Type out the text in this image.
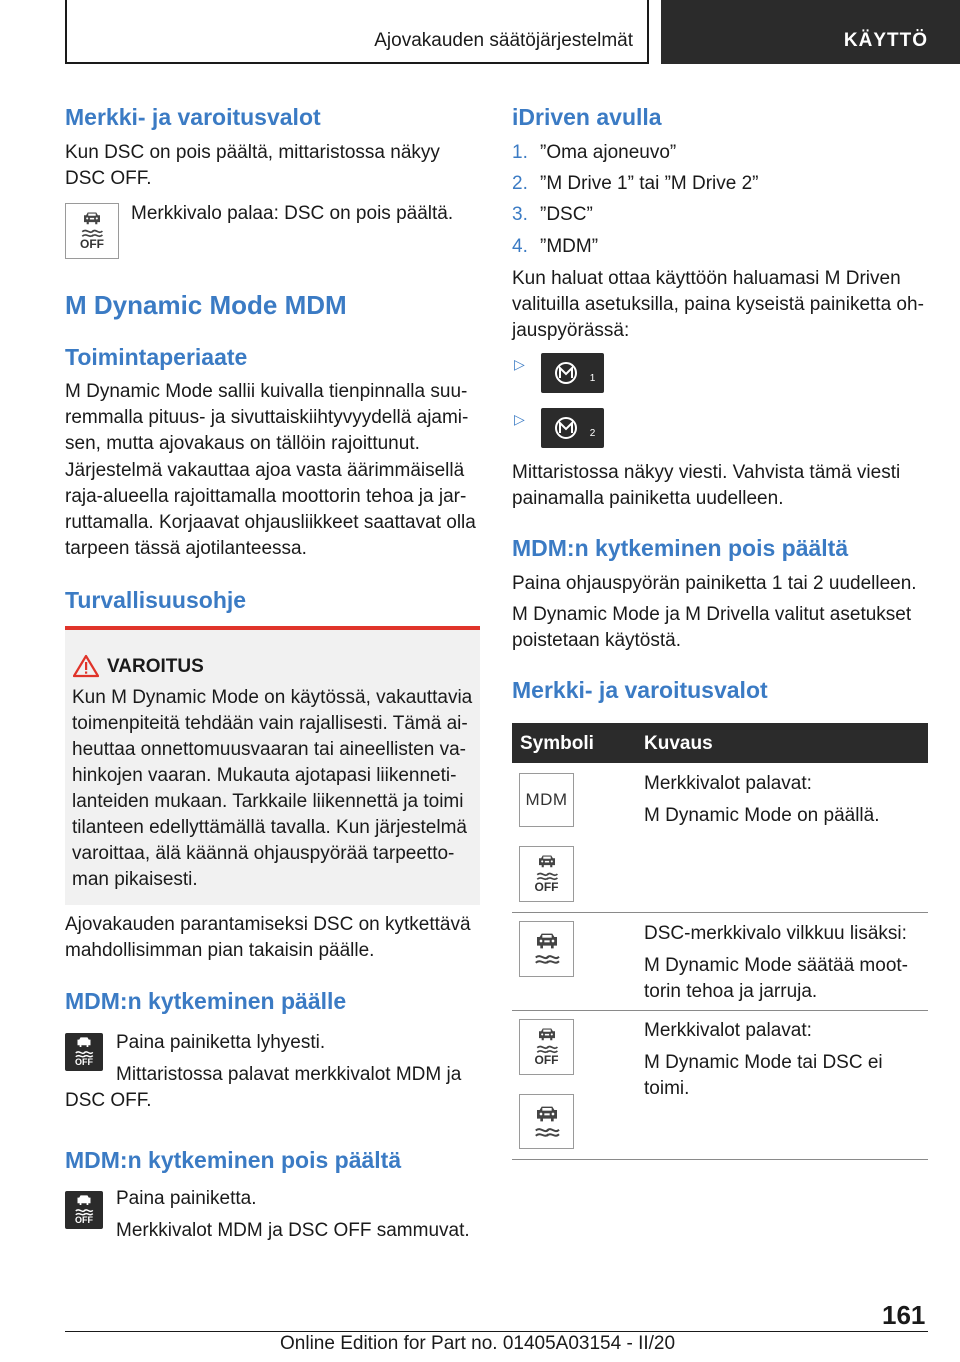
Ajovakauden säätöjärjestelmät	KÄYTTÖ
Merkki- ja varoitusvalot
Kun DSC on pois päältä, mittaristossa näkyy DSC OFF.
OFF
Merkkivalo palaa: DSC on pois päältä.
M Dynamic Mode MDM
Toimintaperiaate
M Dynamic Mode sallii kuivalla tienpinnalla suuremmalla pituus- ja sivuttaiskiihtyvyydellä ajamisen, mutta ajovakaus on tällöin rajoittunut.
Järjestelmä vakauttaa ajoa vasta äärimmäisellä raja-alueella rajoittamalla moottorin tehoa ja jarruttamalla. Korjaavat ohjausliikkeet saattavat olla tarpeen tässä ajotilanteessa.
Turvallisuusohje
VAROITUS
Kun M Dynamic Mode on käytössä, vakauttavia toimenpiteitä tehdään vain rajallisesti. Tämä aiheuttaa onnettomuusvaaran tai aineellisten vahinkojen vaaran. Mukauta ajotapasi liikennetilanteiden mukaan. Tarkkaile liikennettä ja toimi tilanteen edellyttämällä tavalla. Kun järjestelmä varoittaa, älä käännä ohjauspyörää tarpeettoman pikaisesti.
Ajovakauden parantamiseksi DSC on kytkettävä mahdollisimman pian takaisin päälle.
MDM:n kytkeminen päälle
OFF
Paina painiketta lyhyesti.
Mittaristossa palavat merkkivalot MDM ja DSC OFF.
MDM:n kytkeminen pois päältä
OFF
Paina painiketta.
Merkkivalot MDM ja DSC OFF sammuvat.
iDriven avulla
1. ”Oma ajoneuvo”
2. ”M Drive 1” tai ”M Drive 2”
3. ”DSC”
4. ”MDM”
Kun haluat ottaa käyttöön haluamasi M Driven valituilla asetuksilla, paina kyseistä painiketta ohjauspyörässä:
▷
1
▷
2
Mittaristossa näkyy viesti. Vahvista tämä viesti painamalla painiketta uudelleen.
MDM:n kytkeminen pois päältä
Paina ohjauspyörän painiketta 1 tai 2 uudelleen.
M Dynamic Mode ja M Drivella valitut asetukset poistetaan käytöstä.
Merkki- ja varoitusvalot
Symboli	Kuvaus
MDM
OFF
Merkkivalot palavat:
M Dynamic Mode on päällä.
DSC-merkkivalo vilkkuu lisäksi:
M Dynamic Mode säätää moottorin tehoa ja jarruja.
OFF
Merkkivalot palavat:
M Dynamic Mode tai DSC ei toimi.
161
Online Edition for Part no. 01405A03154 - II/20
